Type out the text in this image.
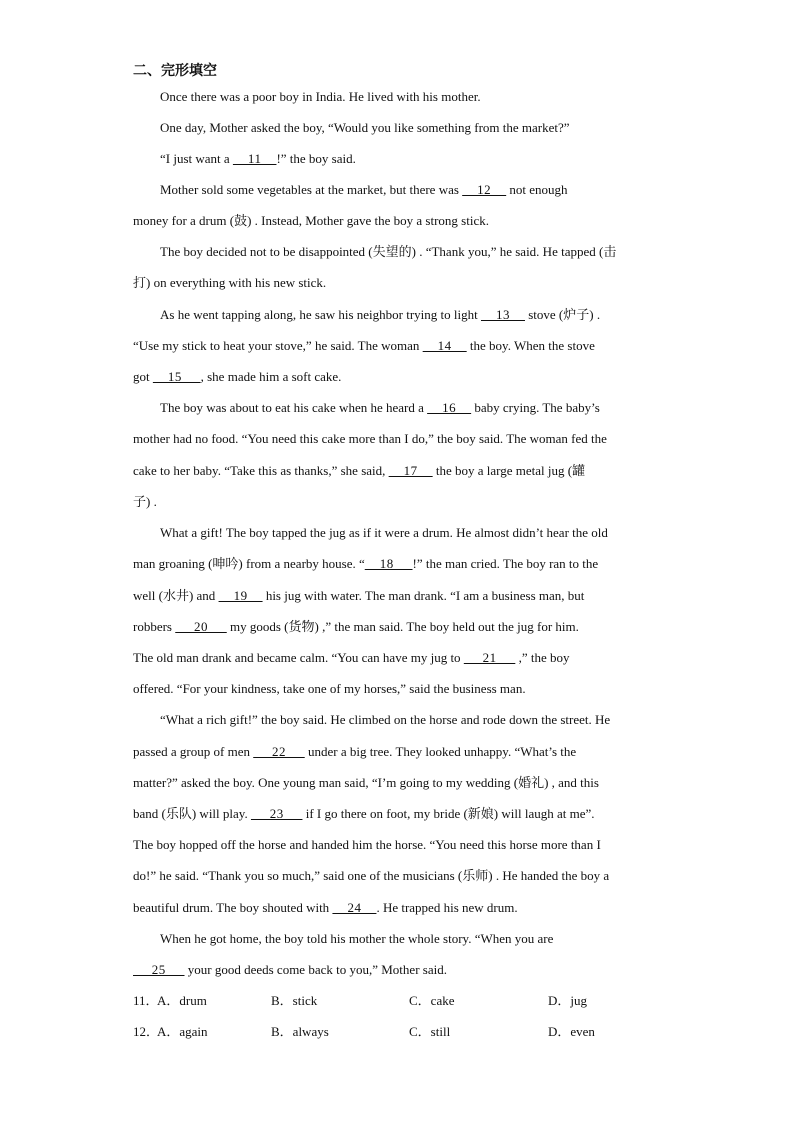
二、完形填空
Once there was a poor boy in India. He lived with his mother.
One day, Mother asked the boy, “Would you like something from the market?”
“I just want a     11    !” the boy said.
Mother sold some vegetables at the market, but there was     12     not enough
money for a drum (鼓) . Instead, Mother gave the boy a strong stick.
The boy decided not to be disappointed (失望的) . “Thank you,” he said. He tapped (击
打) on everything with his new stick.
As he went tapping along, he saw his neighbor trying to light     13     stove (炉子) .
“Use my stick to heat your stove,” he said. The woman     14     the boy. When the stove
got     15     , she made him a soft cake.
The boy was about to eat his cake when he heard a     16     baby crying. The baby’s
mother had no food. “You need this cake more than I do,” the boy said. The woman fed the
cake to her baby. “Take this as thanks,” she said,     17     the boy a large metal jug (罐
子) .
What a gift! The boy tapped the jug as if it were a drum. He almost didn’t hear the old
man groaning (呻吟) from a nearby house. “    18     !” the man cried. The boy ran to the
well (水井) and     19     his jug with water. The man drank. “I am a business man, but
robbers      20      my goods (货物) ,” the man said. The boy held out the jug for him.
The old man drank and became calm. “You can have my jug to      21      ,” the boy
offered. “For your kindness, take one of my horses,” said the business man.
“What a rich gift!” the boy said. He climbed on the horse and rode down the street. He
passed a group of men      22      under a big tree. They looked unhappy. “What’s the
matter?” asked the boy. One young man said, “I’m going to my wedding (婚礼) , and this
band (乐队) will play.      23      if I go there on foot, my bride (新娘) will laugh at me”.
The boy hopped off the horse and handed him the horse. “You need this horse more than I
do!” he said. “Thank you so much,” said one of the musicians (乐师) . He handed the boy a
beautiful drum. The boy shouted with     24    . He trapped his new drum.
When he got home, the boy told his mother the whole story. “When you are
25      your good deeds come back to you,” Mother said.
11．
A．drum	B．stick	C．cake	D．jug
12．
A．again	B．always	C．still	D．even
